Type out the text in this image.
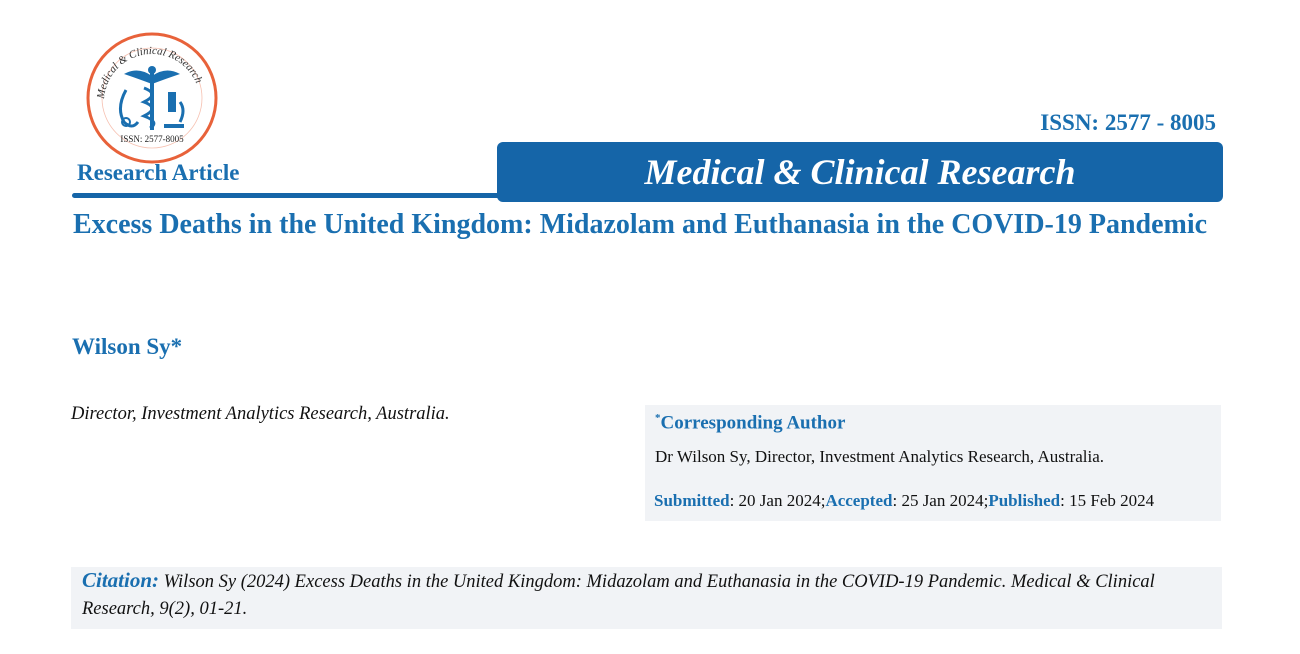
Medical & Clinical Research
ISSN: 2577-8005
ISSN: 2577 - 8005
Research Article	Medical & Clinical Research
Excess Deaths in the United Kingdom: Midazolam and Euthanasia in the COVID-19 Pandemic
Wilson Sy*
Director, Investment Analytics Research, Australia.	*Corresponding Author
Dr Wilson Sy, Director, Investment Analytics Research, Australia.
Submitted: 20 Jan 2024;Accepted: 25 Jan 2024;Published: 15 Feb 2024
Citation: Wilson Sy (2024) Excess Deaths in the United Kingdom: Midazolam and Euthanasia in the COVID-19 Pandemic. Medical & Clinical Research, 9(2), 01-21.
